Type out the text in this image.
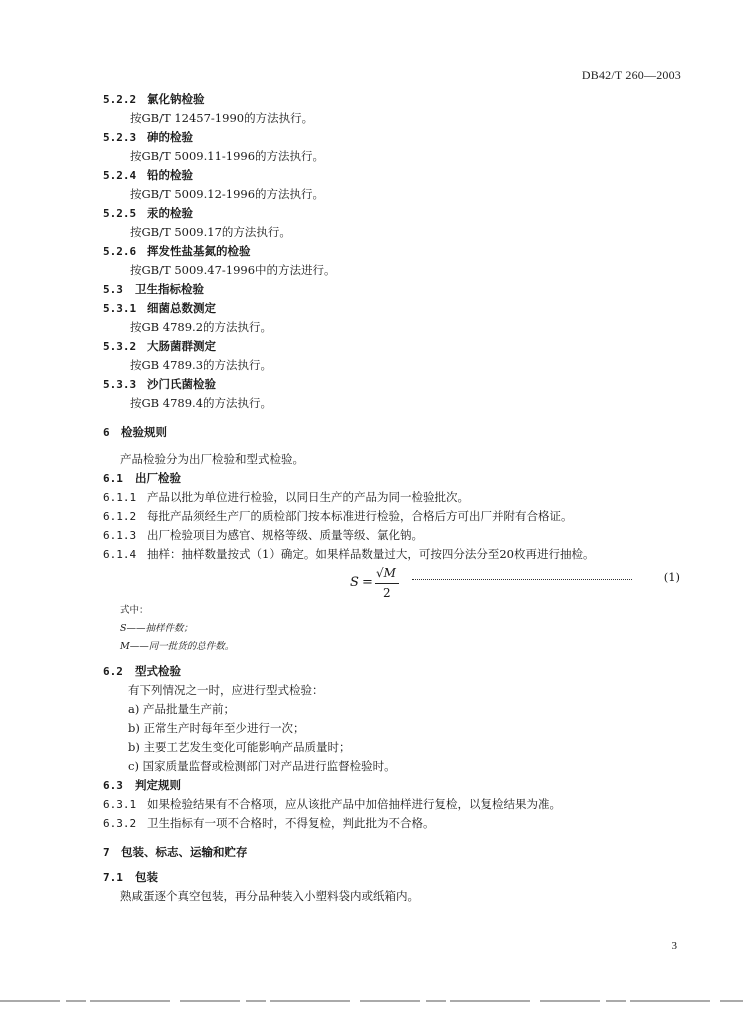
DB42/T 260—2003
5.2.2 氯化钠检验
按GB/T 12457-1990的方法执行。
5.2.3 砷的检验
按GB/T 5009.11-1996的方法执行。
5.2.4 铅的检验
按GB/T 5009.12-1996的方法执行。
5.2.5 汞的检验
按GB/T 5009.17的方法执行。
5.2.6 挥发性盐基氮的检验
按GB/T 5009.47-1996中的方法进行。
5.3 卫生指标检验
5.3.1 细菌总数测定
按GB 4789.2的方法执行。
5.3.2 大肠菌群测定
按GB 4789.3的方法执行。
5.3.3 沙门氏菌检验
按GB 4789.4的方法执行。
6 检验规则
产品检验分为出厂检验和型式检验。
6.1 出厂检验
6.1.1 产品以批为单位进行检验，以同日生产的产品为同一检验批次。
6.1.2 每批产品须经生产厂的质检部门按本标准进行检验，合格后方可出厂并附有合格证。
6.1.3 出厂检验项目为感官、规格等级、质量等级、氯化钠。
6.1.4 抽样：抽样数量按式（1）确定。如果样品数量过大，可按四分法分至20枚再进行抽检。
S =
√M
2
(1)
式中：
S——抽样件数；
M——同一批货的总件数。
6.2 型式检验
有下列情况之一时，应进行型式检验：
a) 产品批量生产前；
b) 正常生产时每年至少进行一次；
b) 主要工艺发生变化可能影响产品质量时；
c) 国家质量监督或检测部门对产品进行监督检验时。
6.3 判定规则
6.3.1 如果检验结果有不合格项，应从该批产品中加倍抽样进行复检，以复检结果为准。
6.3.2 卫生指标有一项不合格时，不得复检，判此批为不合格。
7 包装、标志、运输和贮存
7.1 包装
熟咸蛋逐个真空包装，再分品种装入小塑料袋内或纸箱内。
3
